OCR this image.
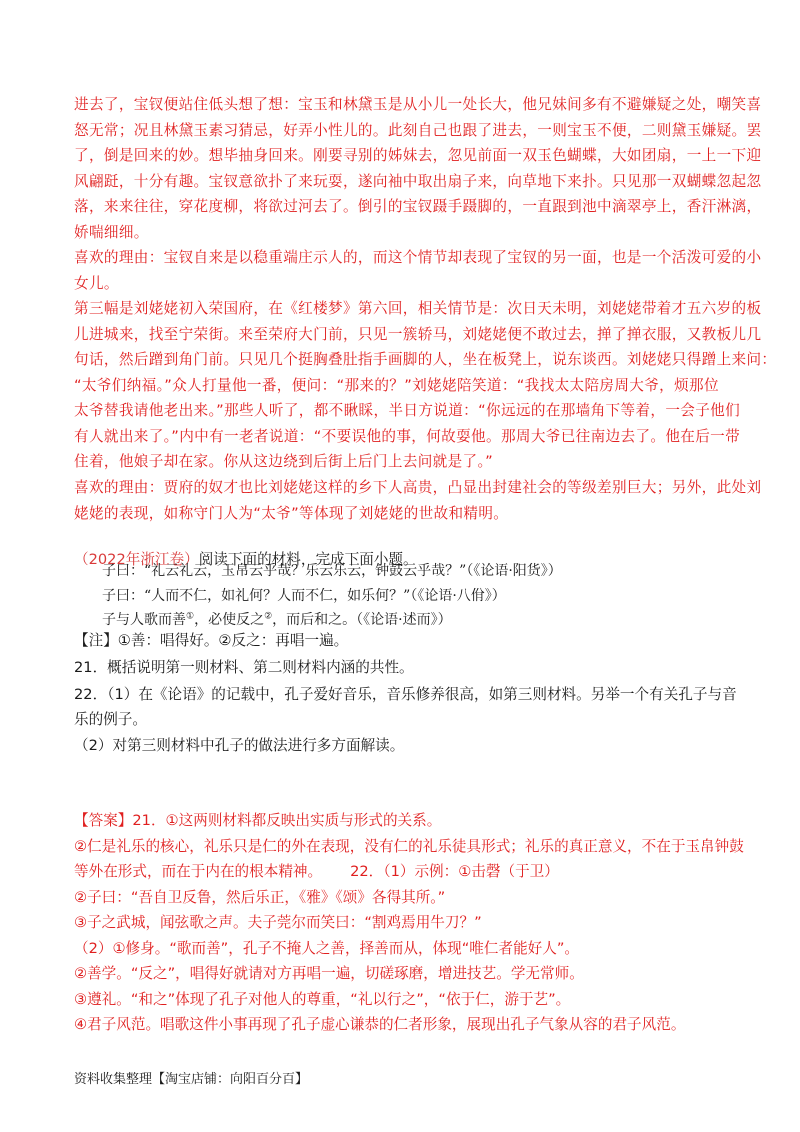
进去了，宝钗便站住低头想了想：宝玉和林黛玉是从小儿一处长大，他兄妹间多有不避嫌疑之处，嘲笑喜
怒无常；况且林黛玉素习猜忌，好弄小性儿的。此刻自己也跟了进去，一则宝玉不便，二则黛玉嫌疑。罢
了，倒是回来的妙。想毕抽身回来。刚要寻别的姊妹去，忽见前面一双玉色蝴蝶，大如团扇，一上一下迎
风翩跹，十分有趣。宝钗意欲扑了来玩耍，遂向袖中取出扇子来，向草地下来扑。只见那一双蝴蝶忽起忽
落，来来往往，穿花度柳，将欲过河去了。倒引的宝钗蹑手蹑脚的，一直跟到池中滴翠亭上，香汗淋漓，
娇喘细细。
喜欢的理由：宝钗自来是以稳重端庄示人的，而这个情节却表现了宝钗的另一面，也是一个活泼可爱的小
女儿。
第三幅是刘姥姥初入荣国府，在《红楼梦》第六回，相关情节是：次日天未明，刘姥姥带着才五六岁的板
儿进城来，找至宁荣街。来至荣府大门前，只见一簇轿马，刘姥姥便不敢过去，掸了掸衣服，又教板儿几
句话，然后蹭到角门前。只见几个挺胸叠肚指手画脚的人，坐在板凳上，说东谈西。刘姥姥只得蹭上来问：
“太爷们纳福。”众人打量他一番，便问：“那来的？”刘姥姥陪笑道：“我找太太陪房周大爷，烦那位
太爷替我请他老出来。”那些人听了，都不瞅睬，半日方说道：“你远远的在那墙角下等着，一会子他们
有人就出来了。”内中有一老者说道：“不要误他的事，何故耍他。那周大爷已往南边去了。他在后一带
住着，他娘子却在家。你从这边绕到后街上后门上去问就是了。”
喜欢的理由：贾府的奴才也比刘姥姥这样的乡下人高贵，凸显出封建社会的等级差别巨大；另外，此处刘
姥姥的表现，如称守门人为“太爷”等体现了刘姥姥的世故和精明。
（2022年浙江卷）阅读下面的材料，完成下面小题。
子曰：“礼云礼云，玉帛云乎哉？乐云乐云，钟鼓云乎哉？”（《论语·阳货》）
子曰：“人而不仁，如礼何？人而不仁，如乐何？”（《论语·八佾》）
子与人歌而善①，必使反之②，而后和之。（《论语·述而》）
【注】①善：唱得好。②反之：再唱一遍。
21．概括说明第一则材料、第二则材料内涵的共性。
22．（1）在《论语》的记载中，孔子爱好音乐，音乐修养很高，如第三则材料。另举一个有关孔子与音
乐的例子。
（2）对第三则材料中孔子的做法进行多方面解读。
【答案】21．①这两则材料都反映出实质与形式的关系。
②仁是礼乐的核心，礼乐只是仁的外在表现，没有仁的礼乐徒具形式；礼乐的真正意义，不在于玉帛钟鼓
等外在形式，而在于内在的根本精神。 22．（1）示例：①击磬（于卫）
②子曰：“吾自卫反鲁，然后乐正，《雅》《颂》各得其所。”
③子之武城，闻弦歌之声。夫子莞尔而笑曰：“割鸡焉用牛刀？”
（2）①修身。“歌而善”，孔子不掩人之善，择善而从，体现“唯仁者能好人”。
②善学。“反之”，唱得好就请对方再唱一遍，切磋琢磨，增进技艺。学无常师。
③遵礼。“和之”体现了孔子对他人的尊重，“礼以行之”，“依于仁，游于艺”。
④君子风范。唱歌这件小事再现了孔子虚心谦恭的仁者形象，展现出孔子气象从容的君子风范。
资料收集整理【淘宝店铺：向阳百分百】
